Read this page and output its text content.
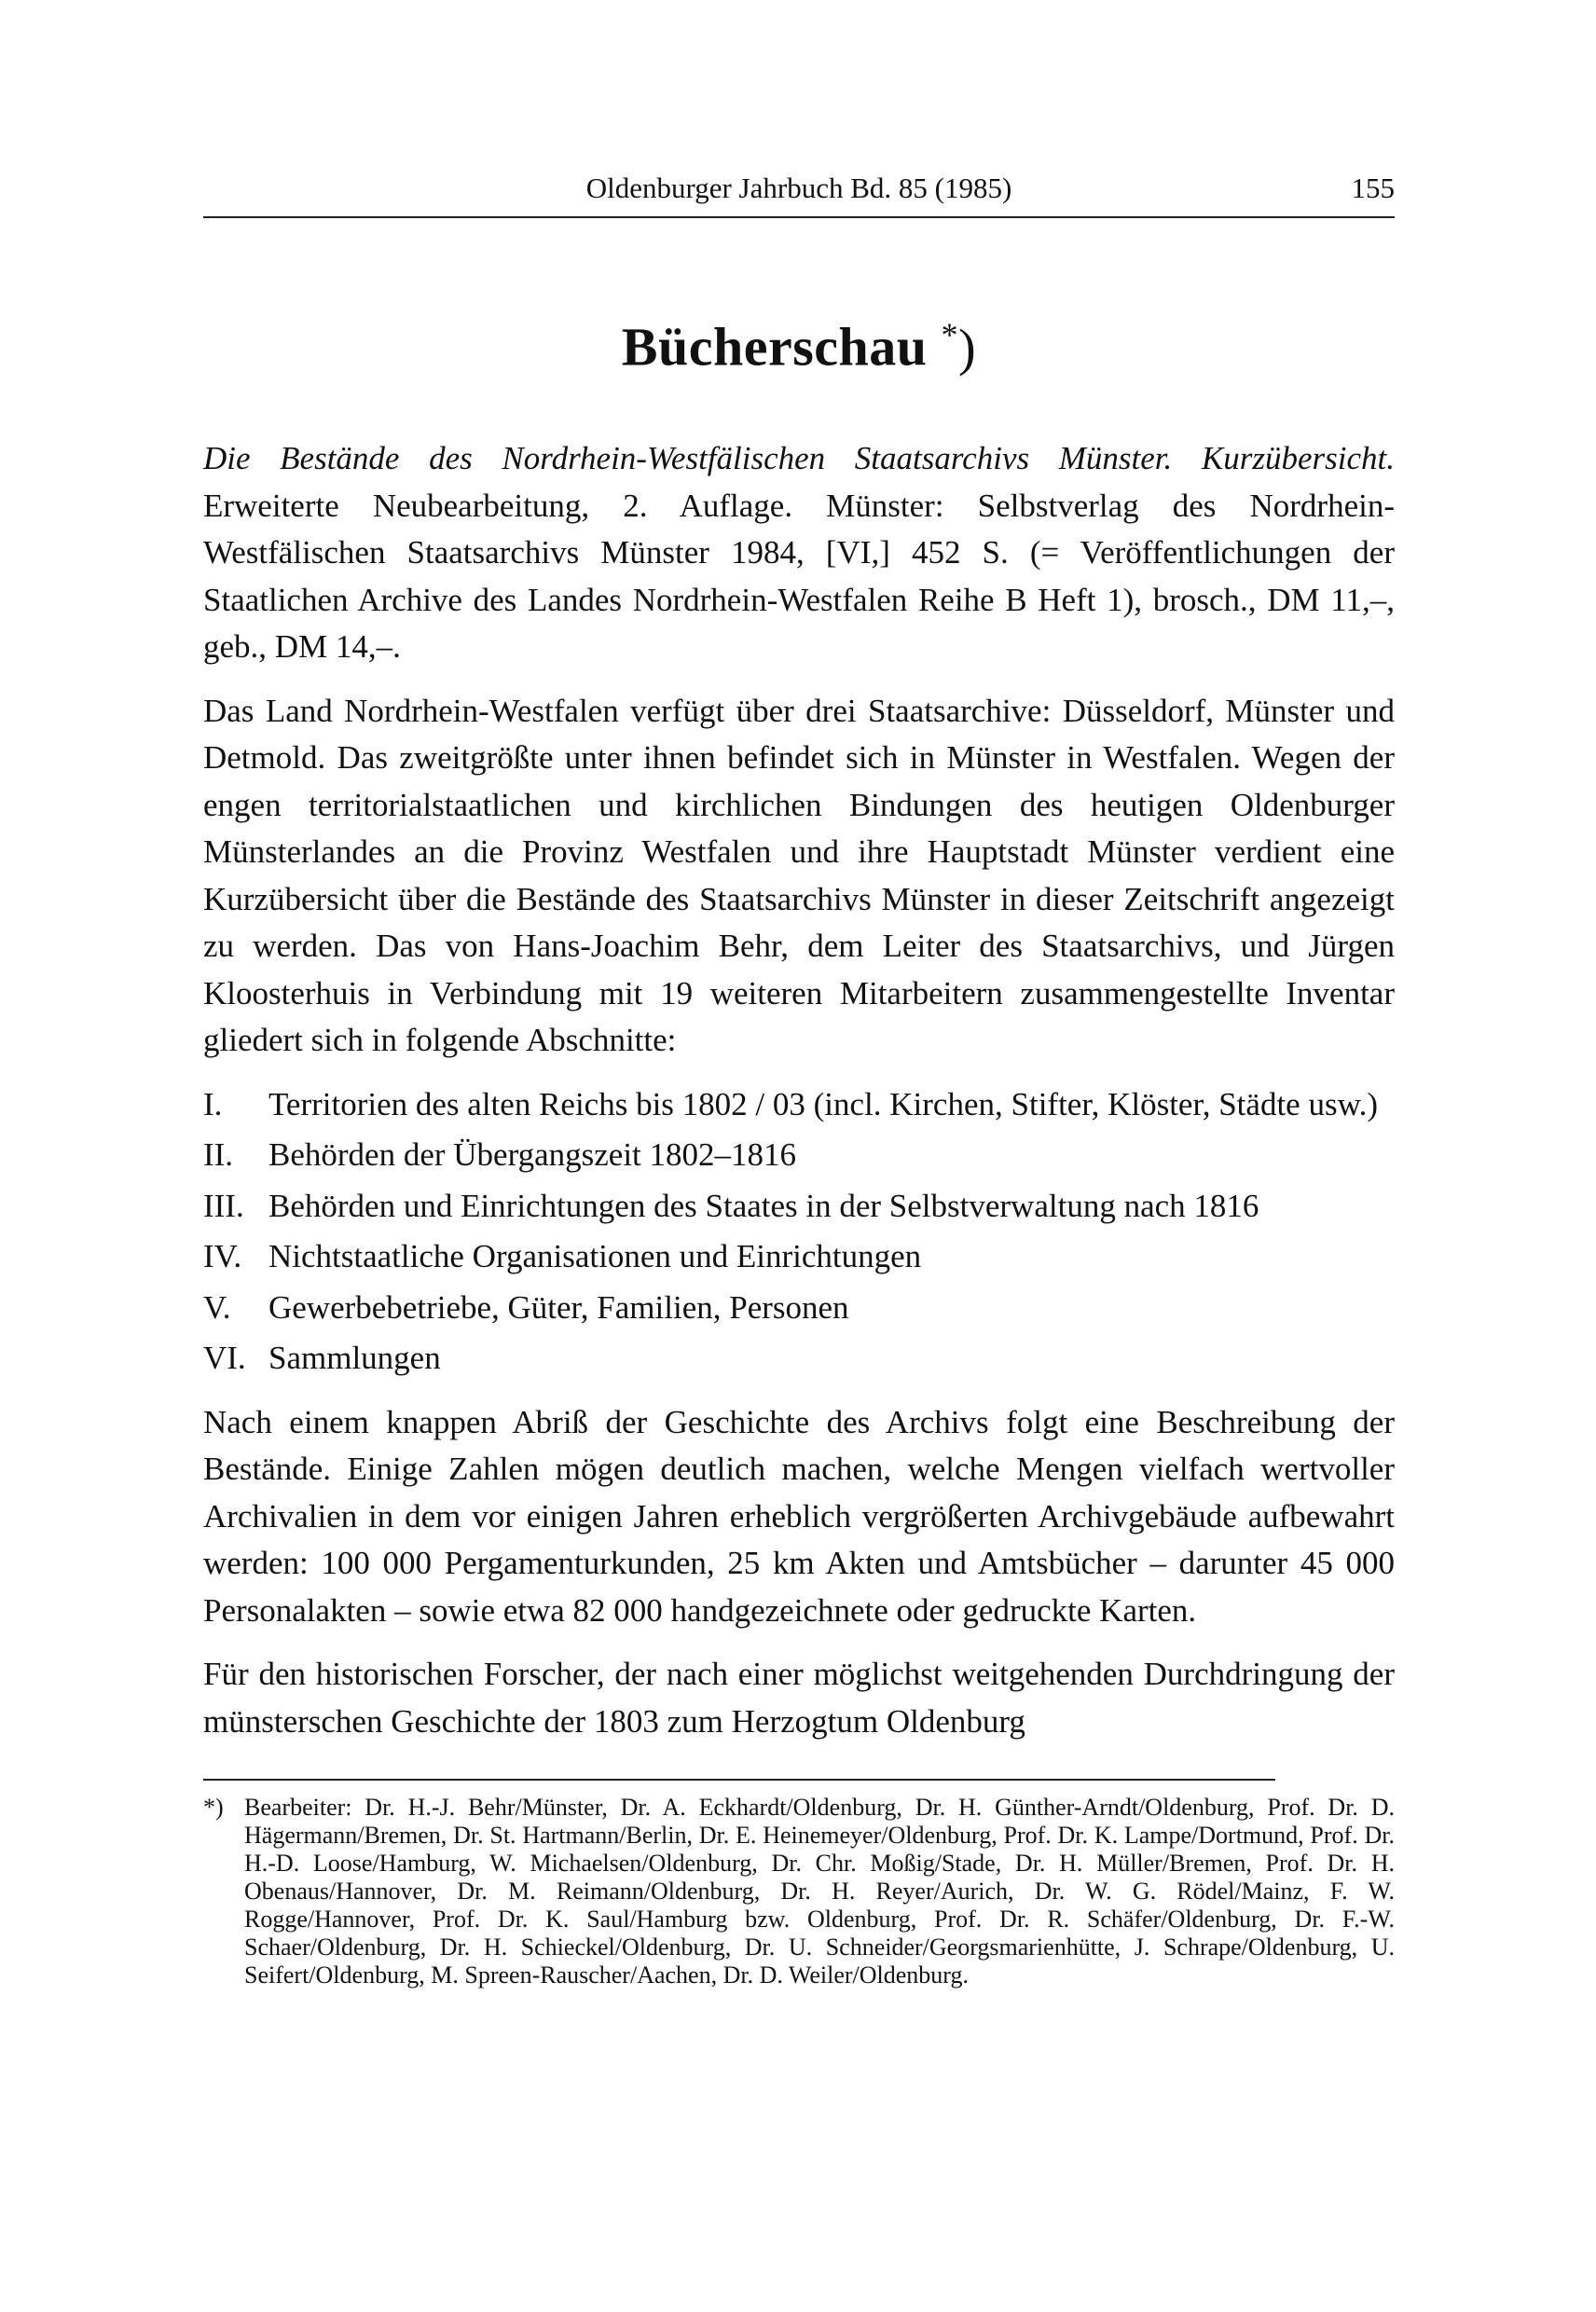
Oldenburger Jahrbuch Bd. 85 (1985)	155
Bücherschau *)

Die Bestände des Nordrhein-Westfälischen Staatsarchivs Münster. Kurzübersicht. Erweiterte Neubearbeitung, 2. Auflage. Münster: Selbstverlag des Nordrhein-Westfälischen Staatsarchivs Münster 1984, [VI,] 452 S. (= Veröffentlichungen der Staatlichen Archive des Landes Nordrhein-Westfalen Reihe B Heft 1), brosch., DM 11,–, geb., DM 14,–.

Das Land Nordrhein-Westfalen verfügt über drei Staatsarchive: Düsseldorf, Münster und Detmold. Das zweitgrößte unter ihnen befindet sich in Münster in Westfalen. Wegen der engen territorialstaatlichen und kirchlichen Bindungen des heutigen Oldenburger Münsterlandes an die Provinz Westfalen und ihre Hauptstadt Münster verdient eine Kurzübersicht über die Bestände des Staatsarchivs Münster in dieser Zeitschrift angezeigt zu werden. Das von Hans-Joachim Behr, dem Leiter des Staatsarchivs, und Jürgen Kloosterhuis in Verbindung mit 19 weiteren Mitarbeitern zusammengestellte Inventar gliedert sich in folgende Abschnitte:

I.	Territorien des alten Reichs bis 1802 / 03 (incl. Kirchen, Stifter, Klöster, Städte usw.)
II.	Behörden der Übergangszeit 1802–1816
III. Behörden und Einrichtungen des Staates in der Selbstverwaltung nach 1816
IV. Nichtstaatliche Organisationen und Einrichtungen
V.	Gewerbebetriebe, Güter, Familien, Personen
VI. Sammlungen

Nach einem knappen Abriß der Geschichte des Archivs folgt eine Beschreibung der Bestände. Einige Zahlen mögen deutlich machen, welche Mengen vielfach wertvoller Archivalien in dem vor einigen Jahren erheblich vergrößerten Archivgebäude aufbewahrt werden: 100 000 Pergamenturkunden, 25 km Akten und Amtsbücher – darunter 45 000 Personalakten – sowie etwa 82 000 handgezeichnete oder gedruckte Karten.

Für den historischen Forscher, der nach einer möglichst weitgehenden Durchdringung der münsterschen Geschichte der 1803 zum Herzogtum Oldenburg

*) Bearbeiter: Dr. H.-J. Behr/Münster, Dr. A. Eckhardt/Oldenburg, Dr. H. Günther-Arndt/Oldenburg, Prof. Dr. D. Hägermann/Bremen, Dr. St. Hartmann/Berlin, Dr. E. Heinemeyer/Oldenburg, Prof. Dr. K. Lampe/Dortmund, Prof. Dr. H.-D. Loose/Hamburg, W. Michaelsen/Oldenburg, Dr. Chr. Moßig/Stade, Dr. H. Müller/Bremen, Prof. Dr. H. Obenaus/Hannover, Dr. M. Reimann/Oldenburg, Dr. H. Reyer/Aurich, Dr. W. G. Rödel/Mainz, F. W. Rogge/Hannover, Prof. Dr. K. Saul/Hamburg bzw. Oldenburg, Prof. Dr. R. Schäfer/Oldenburg, Dr. F.-W. Schaer/Oldenburg, Dr. H. Schieckel/Oldenburg, Dr. U. Schneider/Georgsmarienhütte, J. Schrape/Oldenburg, U. Seifert/Oldenburg, M. Spreen-Rauscher/Aachen, Dr. D. Weiler/Oldenburg.
